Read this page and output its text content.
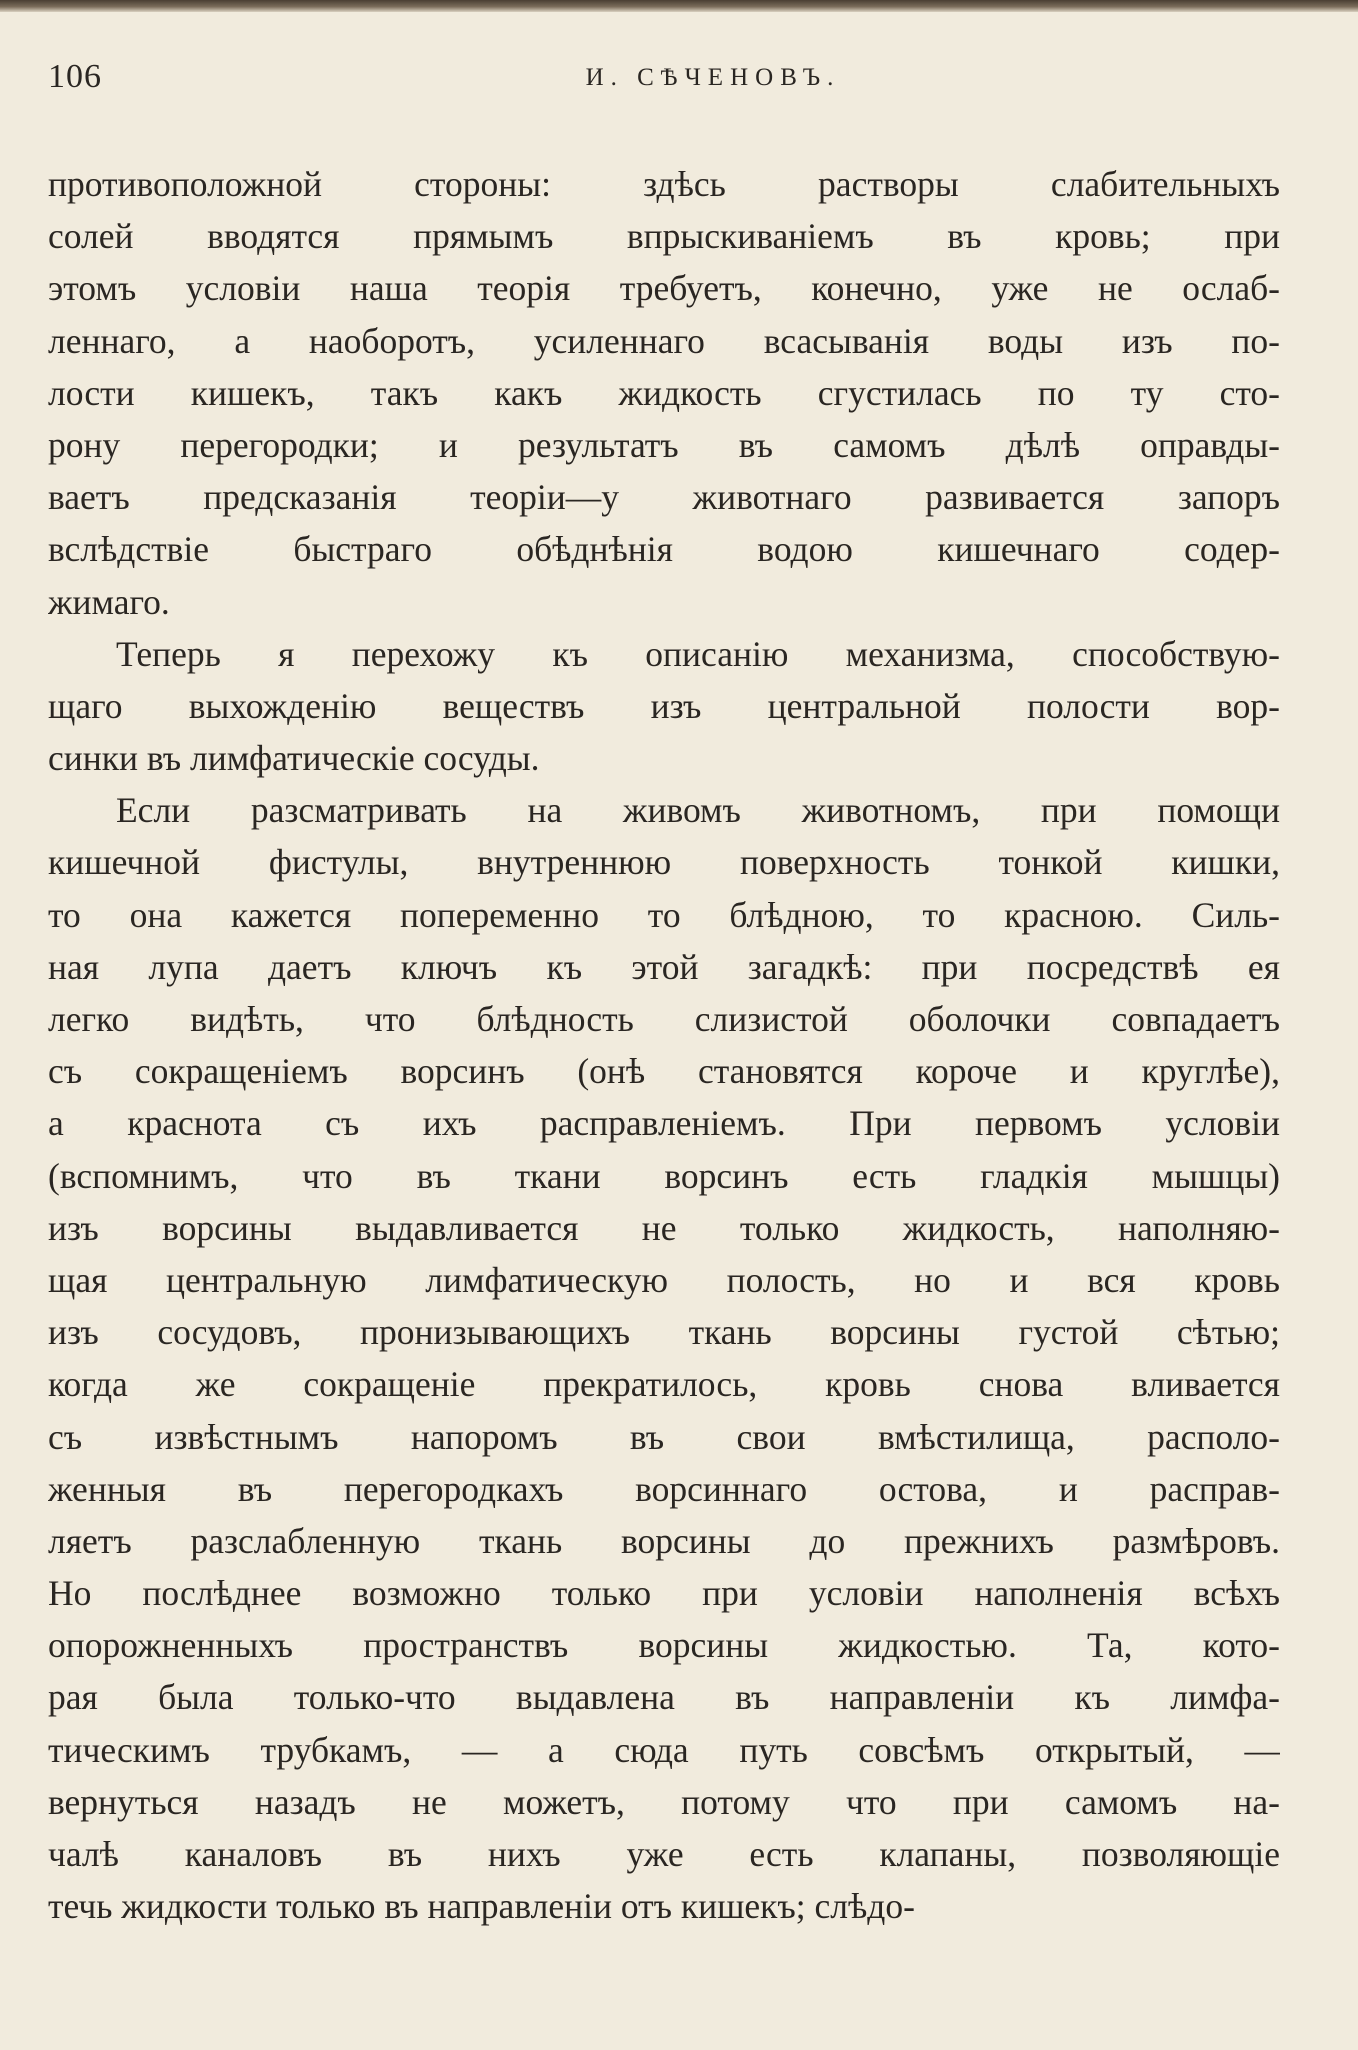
106	И. СѢЧЕНОВЪ.
противоположной стороны: здѣсь растворы слабительныхъ
солей вводятся прямымъ впрыскиваніемъ въ кровь; при
этомъ условіи наша теорія требуетъ, конечно, уже не ослаб-
леннаго, а наоборотъ, усиленнаго всасыванія воды изъ по-
лости кишекъ, такъ какъ жидкость сгустилась по ту сто-
рону перегородки; и результатъ въ самомъ дѣлѣ оправды-
ваетъ предсказанія теоріи—у животнаго развивается запоръ
вслѣдствіе быстраго обѣднѣнія водою кишечнаго содер-
жимаго.
Теперь я перехожу къ описанію механизма, способствую-
щаго выхожденію веществъ изъ центральной полости вор-
синки въ лимфатическіе сосуды.
Если разсматривать на живомъ животномъ, при помощи
кишечной фистулы, внутреннюю поверхность тонкой кишки,
то она кажется попеременно то блѣдною, то красною. Силь-
ная лупа даетъ ключъ къ этой загадкѣ: при посредствѣ ея
легко видѣть, что блѣдность слизистой оболочки совпадаетъ
съ сокращеніемъ ворсинъ (онѣ становятся короче и круглѣе),
а краснота съ ихъ расправленіемъ. При первомъ условіи
(вспомнимъ, что въ ткани ворсинъ есть гладкія мышцы)
изъ ворсины выдавливается не только жидкость, наполняю-
щая центральную лимфатическую полость, но и вся кровь
изъ сосудовъ, пронизывающихъ ткань ворсины густой сѣтью;
когда же сокращеніе прекратилось, кровь снова вливается
съ извѣстнымъ напоромъ въ свои вмѣстилища, располо-
женныя въ перегородкахъ ворсиннаго остова, и расправ-
ляетъ разслабленную ткань ворсины до прежнихъ размѣровъ.
Но послѣднее возможно только при условіи наполненія всѣхъ
опорожненныхъ пространствъ ворсины жидкостью. Та, кото-
рая была только-что выдавлена въ направленіи къ лимфа-
тическимъ трубкамъ, — а сюда путь совсѣмъ открытый, —
вернуться назадъ не можетъ, потому что при самомъ на-
чалѣ каналовъ въ нихъ уже есть клапаны, позволяющіе
течь жидкости только въ направленіи отъ кишекъ; слѣдо-
